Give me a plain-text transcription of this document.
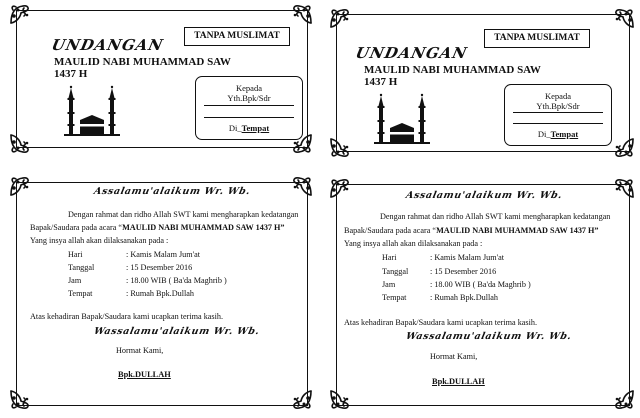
TANPA MUSLIMAT
UNDANGAN
MAULID NABI MUHAMMAD SAW
1437 H
Kepada
Yth.Bpk/Sdr
Di_Tempat
TANPA MUSLIMAT
UNDANGAN
MAULID NABI MUHAMMAD SAW
1437 H
Kepada
Yth.Bpk/Sdr
Di_Tempat
Assalamu'alaikum Wr. Wb.
Dengan rahmat dan ridho Allah SWT kami mengharapkan kedatangan
Bapak/Saudara pada acara “MAULID NABI MUHAMMAD SAW 1437 H”
Yang insya allah akan dilaksanakan pada :
Hari	: Kamis Malam Jum'at
Tanggal	: 15 Desember 2016
Jam	: 18.00 WIB ( Ba'da Maghrib )
Tempat	: Rumah Bpk.Dullah
Atas kehadiran Bapak/Saudara kami ucapkan terima kasih.
Wassalamu'alaikum Wr. Wb.
Hormat Kami,
Bpk.DULLAH
Assalamu'alaikum Wr. Wb.
Dengan rahmat dan ridho Allah SWT kami mengharapkan kedatangan
Bapak/Saudara pada acara “MAULID NABI MUHAMMAD SAW 1437 H”
Yang insya allah akan dilaksanakan pada :
Hari	: Kamis Malam Jum'at
Tanggal	: 15 Desember 2016
Jam	: 18.00 WIB ( Ba'da Maghrib )
Tempat	: Rumah Bpk.Dullah
Atas kehadiran Bapak/Saudara kami ucapkan terima kasih.
Wassalamu'alaikum Wr. Wb.
Hormat Kami,
Bpk.DULLAH
